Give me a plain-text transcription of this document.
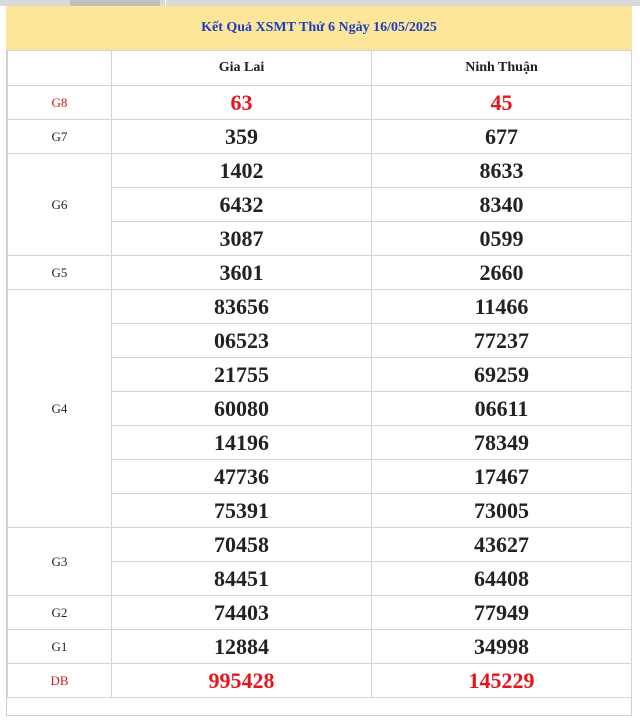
Kết Quả XSMT Thứ 6 Ngày 16/05/2025
	Gia Lai	Ninh Thuận
G8	63	45
G7	359	677
G6	1402	8633
	6432	8340
	3087	0599
G5	3601	2660
G4	83656	11466
	06523	77237
	21755	69259
	60080	06611
	14196	78349
	47736	17467
	75391	73005
G3	70458	43627
	84451	64408
G2	74403	77949
G1	12884	34998
DB	995428	145229
